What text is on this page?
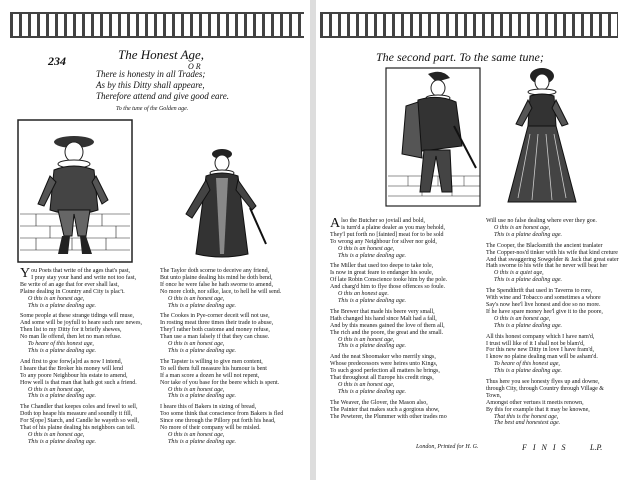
234	The Honest Age,
O R
There is honesty in all Trades;
As by this Ditty shall appeare,
Therefore attend and give good eare.
To the tune of the Golden age.

You Poets that write of the ages that's past,

I pray stay your hand and write not too fast,

Be write of an age that for ever shall last,

Plaine dealing in Country and City is plac't.

O this is an honest age,

This is a plaine dealing age.

Some people at these strange tidings will muse,

And some will be joyfull to heare such rare newes,

Then list to my Ditty for it briefly shewes,

No man lle offend, then let no man refuse.

To heare of this honest age,

This is a plaine dealing age.

And first to goe forw[a]rd as now I intend,

I heare that the Broker his money will lend

To any poore Neighbour his estate to amend,

How well is that man that hath got such a friend.

O this is an honest age,

This is a plaine dealing age.

The Chandler that keepes coles and fewel to sell,

Doth top heape his measure and soundly it fill,

For S[ope] Starch, and Candle he wayeth so well,

That of his plaine dealing his neighbors can tell.

O this is an honest age,

This is a plaine dealing age.

The Taylor doth scorne to deceive any friend,

But unto plaine dealing his mind he doth bend,

If once he were false he hath sworne to amend,

No more cloth, nor silke, lace, to hell he will send.

O this is an honest age,

This is a plaine dealing age.

The Cookes in Pye-corner deceit will not use,

In rosting meat three times their trade to abuse,

They'l rather both custome and money refuse,

Than use a man falsely if that they can chuse.

O this is an honest age,

This is a plaine dealing age.

The Tapster is willing to give men content,

To sell them full measure his humour is bent

If a man score a dozen he will not repent,

Nor take of you base for the beere which is spent.

O this is an honest age,

This is a plaine dealing age.

I heare this of Bakers in sizing of bread,

Too some think that conscience from Bakers is fled

Since one through the Pillory put forth his head,

No more of their company will be misled.

O this is an honest age,

This is a plaine dealing age.

The second part. To the same tune;

Also the Butcher so joviall and bold,

is turn'd a plaine dealer as you may behold,

They'l put forth no [fainted] meat for to be sold

To wrong any Neighbour for silver nor gold,

O this is an honest age,

This is a plaine dealing age.

The Miller that used too deepe to take tole,

Is now in great feare to endanger his soule,

Of late Robin Conscience tooke him by the pole.

And charg'd him to flye those offences so foule.

O this an honest age.

This is a plaine dealing age.

The Brewer that made his beere very small,

Hath changed his hand since Malt had a fall,

And by this meanes gained the love of them all,

The rich and the poore, the great and the small.

O this is an honest age,

This is a plaine dealing age.

And the neat Shoomaker who merrily sings,

Whose predecessors were heires unto Kings,

To such good perfection all matters he brings,

That throughout all Europe his credit rings,

O this is an honest age,

This is a plaine dealing age.

The Weaver, the Glover, the Mason also,

The Painter that makes such a gorgious show,

The Pewterer, the Plummer with other trades mo

Will use no false dealing where ever they goe.

O this is an honest age,

This is a plaine dealing age.

The Cooper, the Blacksmith the ancient tranlater

The Copper-nos'd tinker with his wife that kind creture

And that swaggering Sowgelder & Jack that great eater

Hath sworne to his wife that he never will beat her

O this is a quiet age,

This is a plaine dealing age.

The Spendthrift that used in Taverns to rore,

With wine and Tobacco and sometimes a whore

Say's now hee'l live honest and doe so no more.

If he have spare money hee'l give it to the poore,

O this is an honest age,

This is a plaine dealing age.

All this honest company which I have nam'd,

I trust will like of it I shall not be blam'd,

For this new new Ditty in love I have fram'd,

I know no plaine dealing man will be asham'd.

To heare of this honest age,

This is a plaine dealing age.

Thus here you see honesty flyes up and downe,

through City, through Country through Village &

Town,

Amongst other vertues it meetis renown,

By this for example that it may be knowne,

That this is the honest age,

The best and honestest age.

London, Printed for H. G.	F I N I S	L.P.
